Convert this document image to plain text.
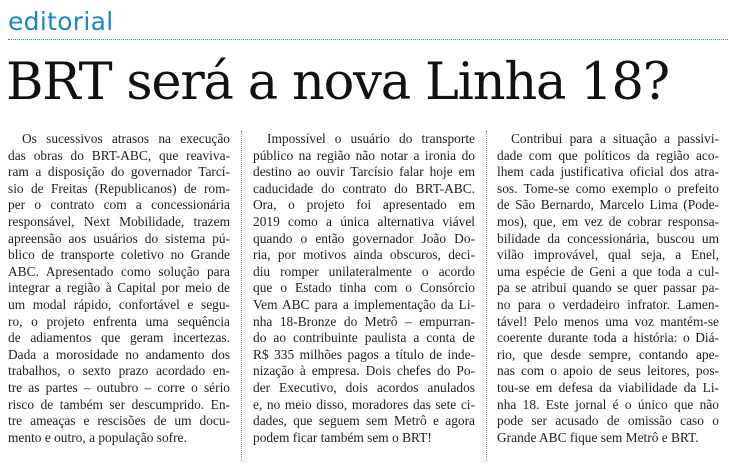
editorial
BRT será a nova Linha 18?
Os sucessivos atrasos na execução
das obras do BRT-ABC, que reaviva-
ram a disposição do governador Tarcí-
sio de Freitas (Republicanos) de rom-
per o contrato com a concessionária
responsável, Next Mobilidade, trazem
apreensão aos usuários do sistema pú-
blico de transporte coletivo no Grande
ABC. Apresentado como solução para
integrar a região à Capital por meio de
um modal rápido, confortável e segu-
ro, o projeto enfrenta uma sequência
de adiamentos que geram incertezas.
Dada a morosidade no andamento dos
trabalhos, o sexto prazo acordado en-
tre as partes – outubro – corre o sério
risco de também ser descumprido. En-
tre ameaças e rescisões de um docu-
mento e outro, a população sofre.
Impossível o usuário do transporte
público na região não notar a ironia do
destino ao ouvir Tarcísio falar hoje em
caducidade do contrato do BRT-ABC.
Ora, o projeto foi apresentado em
2019 como a única alternativa viável
quando o então governador João Do-
ria, por motivos ainda obscuros, deci-
diu romper unilateralmente o acordo
que o Estado tinha com o Consórcio
Vem ABC para a implementação da Li-
nha 18-Bronze do Metrô – empurran-
do ao contribuinte paulista a conta de
R$ 335 milhões pagos a título de inde-
nização à empresa. Dois chefes do Po-
der Executivo, dois acordos anulados
e, no meio disso, moradores das sete ci-
dades, que seguem sem Metrô e agora
podem ficar também sem o BRT!
Contribui para a situação a passivi-
dade com que políticos da região aco-
lhem cada justificativa oficial dos atra-
sos. Tome-se como exemplo o prefeito
de São Bernardo, Marcelo Lima (Pode-
mos), que, em vez de cobrar responsa-
bilidade da concessionária, buscou um
vilão improvável, qual seja, a Enel,
uma espécie de Geni a que toda a cul-
pa se atribui quando se quer passar pa-
no para o verdadeiro infrator. Lamen-
tável! Pelo menos uma voz mantém-se
coerente durante toda a história: o Diá-
rio, que desde sempre, contando ape-
nas com o apoio de seus leitores, pos-
tou-se em defesa da viabilidade da Li-
nha 18. Este jornal é o único que não
pode ser acusado de omissão caso o
Grande ABC fique sem Metrô e BRT.
